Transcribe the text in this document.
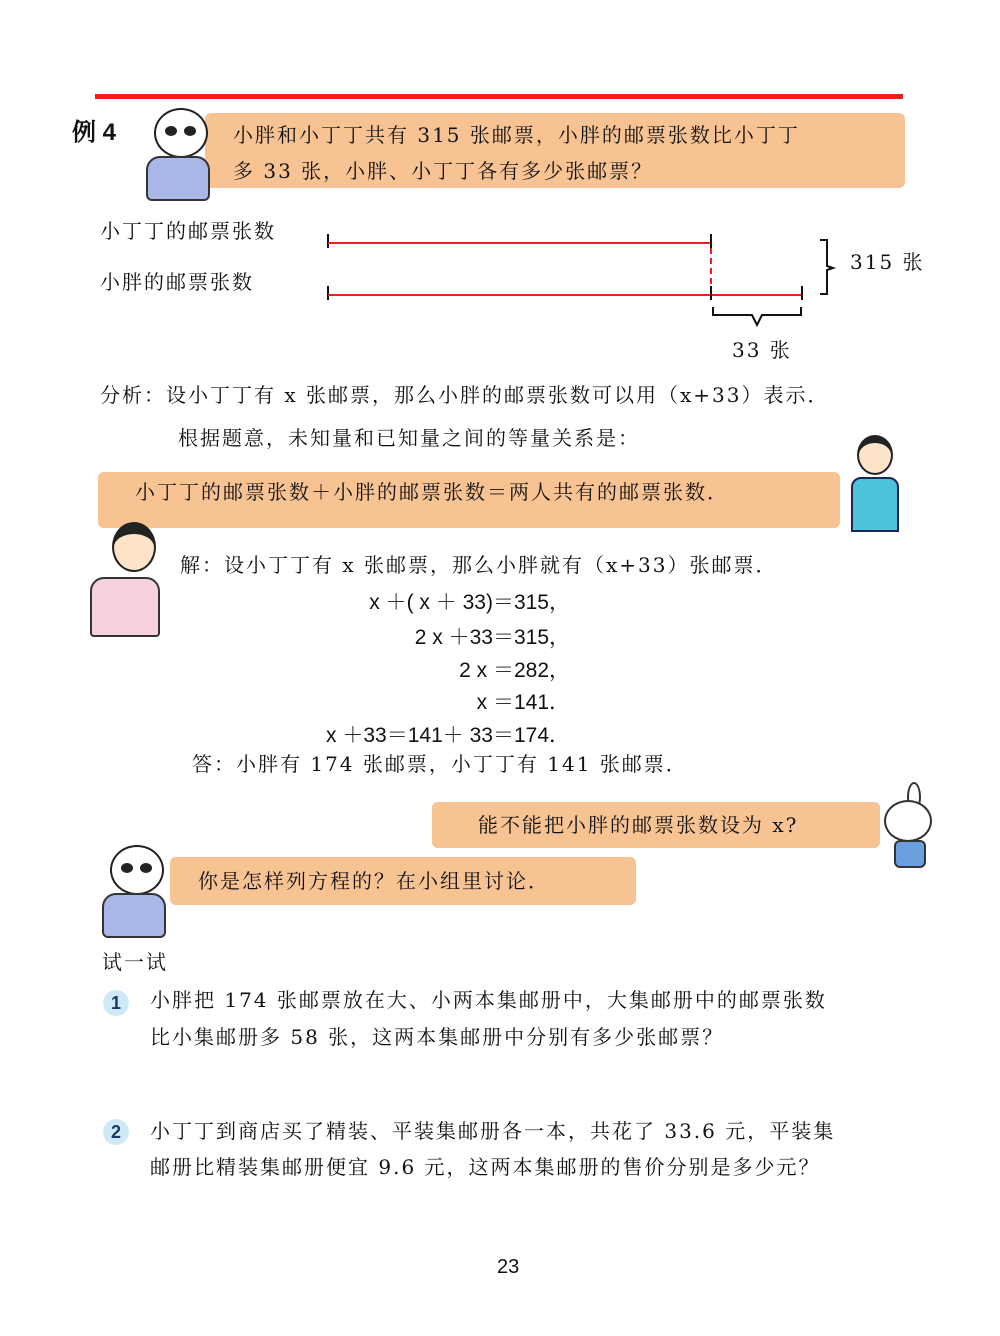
例 4	小胖和小丁丁共有 315 张邮票，小胖的邮票张数比小丁丁
多 33 张，小胖、小丁丁各有多少张邮票？
小丁丁的邮票张数
小胖的邮票张数
315 张
33 张
分析：设小丁丁有 x 张邮票，那么小胖的邮票张数可以用（x+33）表示．
根据题意，未知量和已知量之间的等量关系是：
小丁丁的邮票张数＋小胖的邮票张数＝两人共有的邮票张数．
解：设小丁丁有 x 张邮票，那么小胖就有（x+33）张邮票．
x ＋( x ＋ 33)＝315，
2 x ＋33＝315，
2 x ＝282，
x ＝141．
x ＋33＝141＋ 33＝174．
答：小胖有 174 张邮票，小丁丁有 141 张邮票．
能不能把小胖的邮票张数设为 x?
你是怎样列方程的？在小组里讨论．
试一试
1	小胖把 174 张邮票放在大、小两本集邮册中，大集邮册中的邮票张数
比小集邮册多 58 张，这两本集邮册中分别有多少张邮票？
2	小丁丁到商店买了精装、平装集邮册各一本，共花了 33.6 元，平装集
邮册比精装集邮册便宜 9.6 元，这两本集邮册的售价分别是多少元？
23
